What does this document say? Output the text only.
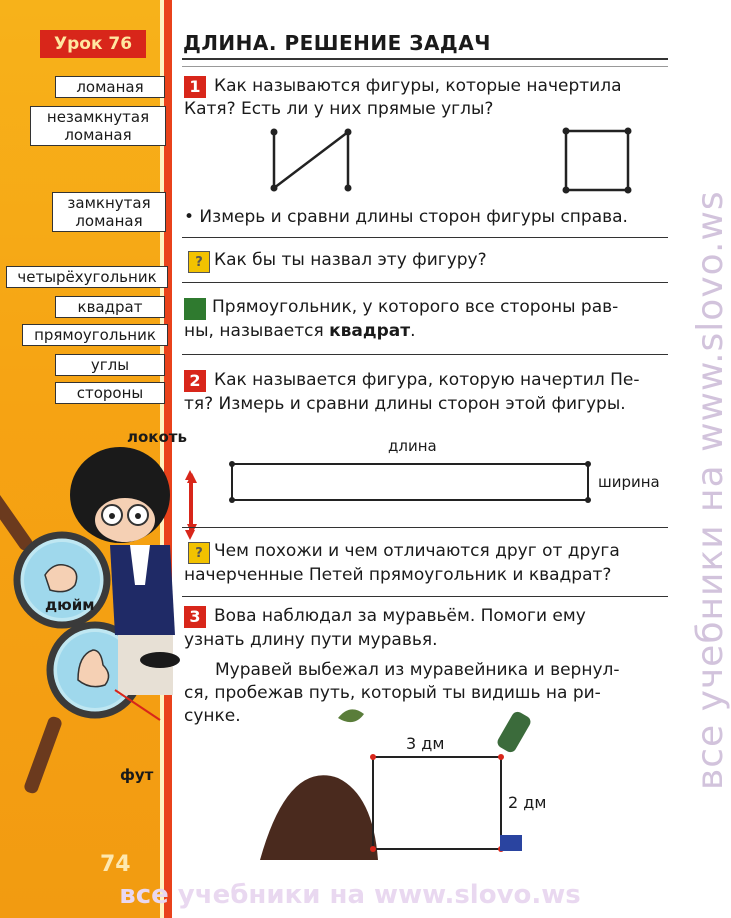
Урок 76	ДЛИНА. РЕШЕНИЕ ЗАДАЧ
ломаная
незамкнутая ломаная
замкнутая ломаная
четырёхугольник
квадрат
прямоугольник
углы
стороны
локоть
дюйм
фут
74
1 Как называются фигуры, которые начертила
Катя? Есть ли у них прямые углы?
• Измерь и сравни длины сторон фигуры справа.
? Как бы ты назвал эту фигуру?
Прямоугольник, у которого все стороны рав-
ны, называется квадрат.
2 Как называется фигура, которую начертил Пе-
тя? Измерь и сравни длины сторон этой фигуры.
длина
ширина
? Чем похожи и чем отличаются друг от друга
начерченные Петей прямоугольник и квадрат?
3 Вова наблюдал за муравьём. Помоги ему
узнать длину пути муравья.
Муравей выбежал из муравейника и вернул-
ся, пробежав путь, который ты видишь на ри-
сунке.
3 дм
2 дм
все учебники на www.slovo.ws
все учебники на www.slovo.ws
